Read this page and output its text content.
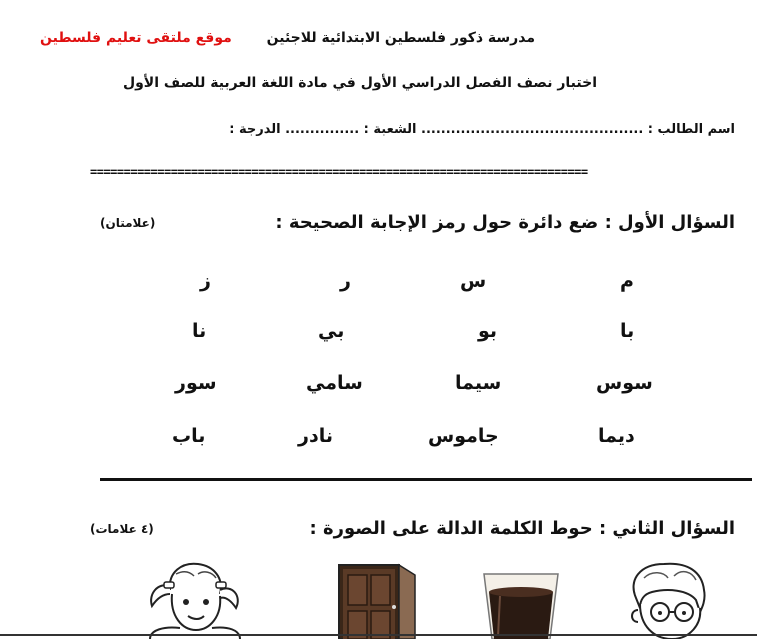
مدرسة ذكور فلسطين الابتدائية للاجئين
موقع ملتقى تعليم فلسطين
اختبار نصف الفصل الدراسي الأول في مادة اللغة العربية للصف الأول
اسم الطالب : ............................................. الشعبة : ............... الدرجة :
==========================================================================
السؤال الأول : ضع دائرة حول رمز الإجابة الصحيحة :
(علامتان)
م
س
ر
ز
با
بو
بي
نا
سوس
سيما
سامي
سور
ديما
جاموس
نادر
باب
السؤال الثاني : حوط الكلمة الدالة على الصورة :
(٤ علامات)
